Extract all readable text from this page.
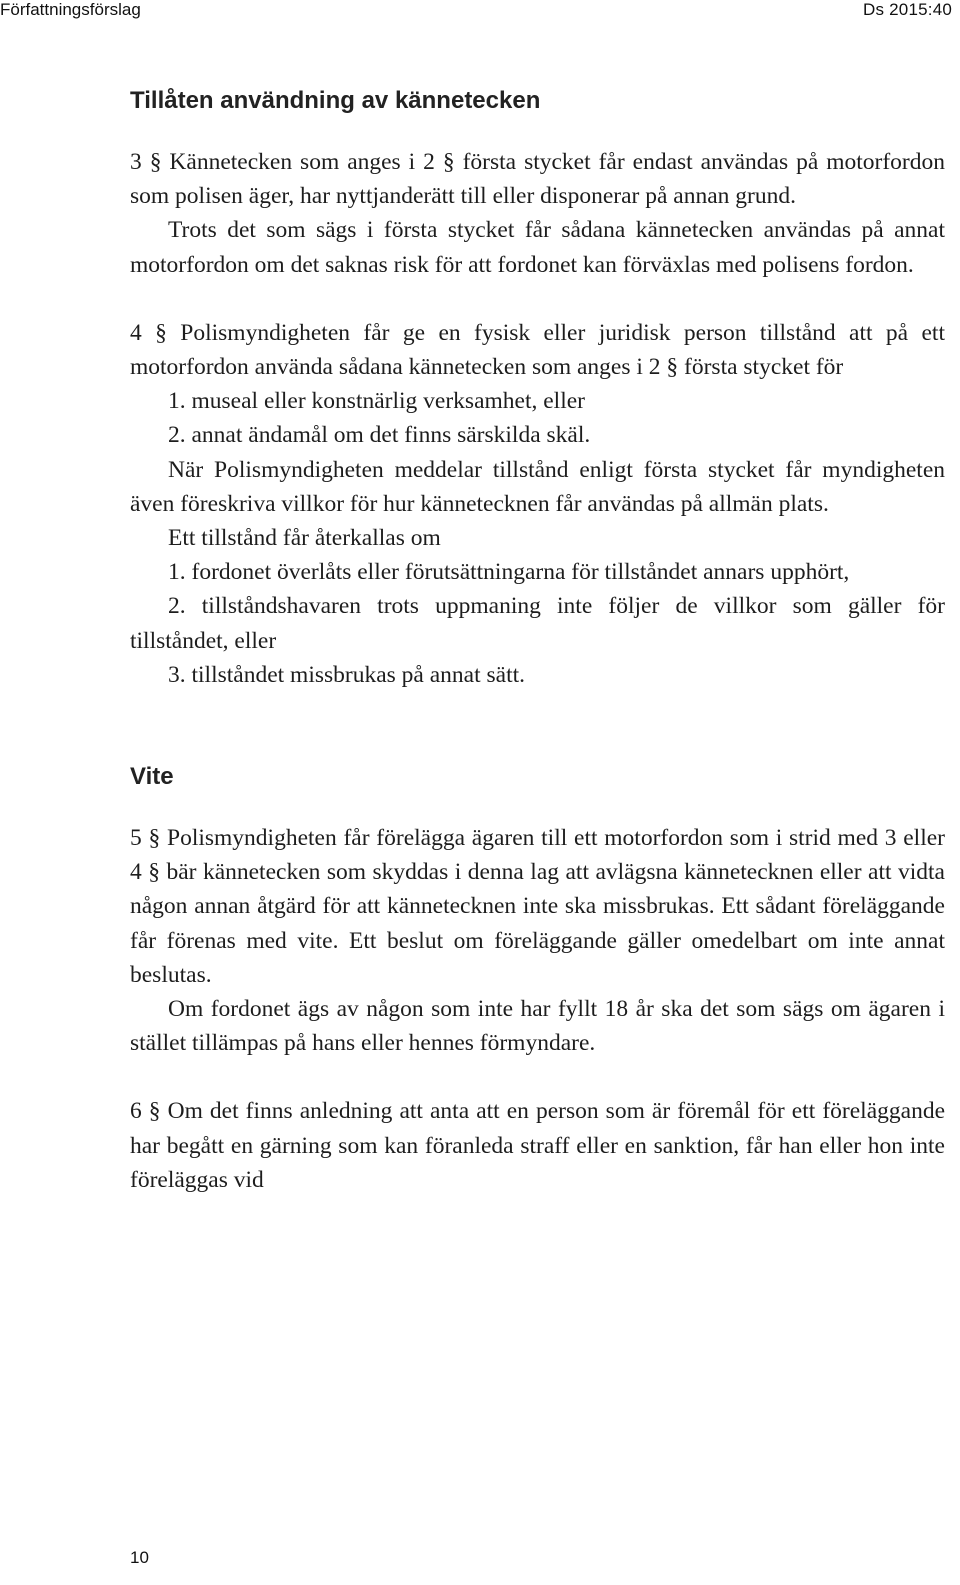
Författningsförslag	Ds 2015:40
Tillåten användning av kännetecken

3 § Kännetecken som anges i 2 § första stycket får endast användas på motorfordon som polisen äger, har nyttjanderätt till eller disponerar på annan grund.

Trots det som sägs i första stycket får sådana kännetecken användas på annat motorfordon om det saknas risk för att fordonet kan förväxlas med polisens fordon.

4 § Polismyndigheten får ge en fysisk eller juridisk person tillstånd att på ett motorfordon använda sådana kännetecken som anges i 2 § första stycket för

1. museal eller konstnärlig verksamhet, eller

2. annat ändamål om det finns särskilda skäl.

När Polismyndigheten meddelar tillstånd enligt första stycket får myndigheten även föreskriva villkor för hur kännetecknen får användas på allmän plats.

Ett tillstånd får återkallas om

1. fordonet överlåts eller förutsättningarna för tillståndet annars upphört,

2. tillståndshavaren trots uppmaning inte följer de villkor som gäller för tillståndet, eller

3. tillståndet missbrukas på annat sätt.

Vite

5 § Polismyndigheten får förelägga ägaren till ett motorfordon som i strid med 3 eller 4 § bär kännetecken som skyddas i denna lag att avlägsna kännetecknen eller att vidta någon annan åtgärd för att kännetecknen inte ska missbrukas. Ett sådant föreläggande får förenas med vite. Ett beslut om föreläggande gäller omedelbart om inte annat beslutas.

Om fordonet ägs av någon som inte har fyllt 18 år ska det som sägs om ägaren i stället tillämpas på hans eller hennes förmyndare.

6 § Om det finns anledning att anta att en person som är föremål för ett föreläggande har begått en gärning som kan föranleda straff eller en sanktion, får han eller hon inte föreläggas vid

10
